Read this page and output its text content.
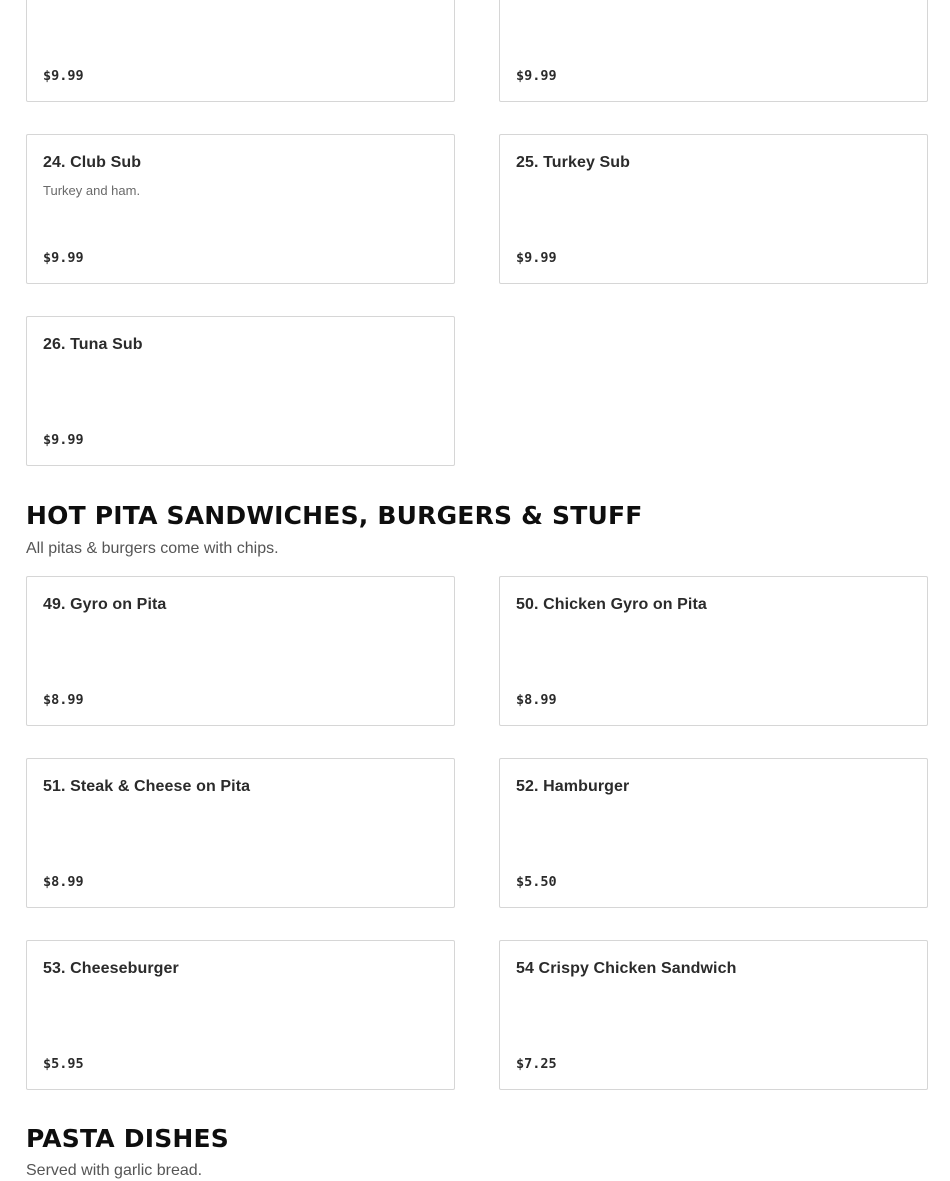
$9.99	$9.99
24. Club Sub
Turkey and ham.
$9.99
25. Turkey Sub
$9.99
26. Tuna Sub
$9.99
HOT PITA SANDWICHES, BURGERS & STUFF

All pitas & burgers come with chips.

49. Gyro on Pita
$8.99
50. Chicken Gyro on Pita
$8.99
51. Steak & Cheese on Pita
$8.99
52. Hamburger
$5.50
53. Cheeseburger
$5.95
54 Crispy Chicken Sandwich
$7.25
PASTA DISHES

Served with garlic bread.
